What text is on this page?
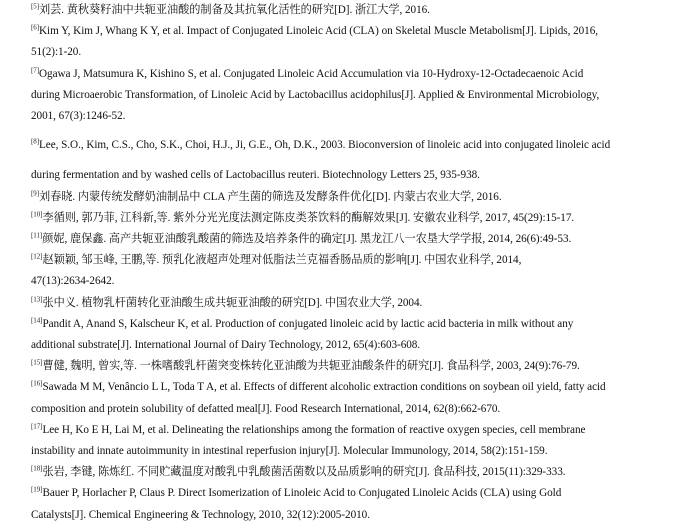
[5]刘芸. 黄秋葵籽油中共轭亚油酸的制备及其抗氧化活性的研究[D]. 浙江大学, 2016.

[6]Kim Y, Kim J, Whang K Y, et al. Impact of Conjugated Linoleic Acid (CLA) on Skeletal Muscle Metabolism[J]. Lipids, 2016,
51(2):1-20.

[7]Ogawa J, Matsumura K, Kishino S, et al. Conjugated Linoleic Acid Accumulation via 10-Hydroxy-12-Octadecaenoic Acid
during Microaerobic Transformation, of Linoleic Acid by Lactobacillus acidophilus[J]. Applied & Environmental Microbiology,
2001, 67(3):1246-52.

[8]Lee, S.O., Kim, C.S., Cho, S.K., Choi, H.J., Ji, G.E., Oh, D.K., 2003. Bioconversion of linoleic acid into conjugated linoleic acid
during fermentation and by washed cells of Lactobacillus reuteri. Biotechnology Letters 25, 935-938.

[9]刘春晓. 内蒙传统发酵奶油制品中 CLA 产生菌的筛选及发酵条件优化[D]. 内蒙古农业大学, 2016.

[10]李循则, 郭乃菲, 江科新,等. 紫外分光光度法测定陈皮类茶饮料的酶解效果[J]. 安徽农业科学, 2017, 45(29):15-17.

[11]颜妮, 鹿保鑫. 高产共轭亚油酸乳酸菌的筛选及培养条件的确定[J]. 黑龙江八一农垦大学学报, 2014, 26(6):49-53.

[12]赵颖颖, 邹玉峰, 王鹏,等. 预乳化液超声处理对低脂法兰克福香肠品质的影响[J]. 中国农业科学, 2014,
47(13):2634-2642.

[13]张中义. 植物乳杆菌转化亚油酸生成共轭亚油酸的研究[D]. 中国农业大学, 2004.

[14]Pandit A, Anand S, Kalscheur K, et al. Production of conjugated linoleic acid by lactic acid bacteria in milk without any
additional substrate[J]. International Journal of Dairy Technology, 2012, 65(4):603-608.

[15]曹健, 魏明, 曾实,等. 一株嗜酸乳杆菌突变株转化亚油酸为共轭亚油酸条件的研究[J]. 食品科学, 2003, 24(9):76-79.

[16]Sawada M M, Venâncio L L, Toda T A, et al. Effects of different alcoholic extraction conditions on soybean oil yield, fatty acid
composition and protein solubility of defatted meal[J]. Food Research International, 2014, 62(8):662-670.

[17]Lee H, Ko E H, Lai M, et al. Delineating the relationships among the formation of reactive oxygen species, cell membrane
instability and innate autoimmunity in intestinal reperfusion injury[J]. Molecular Immunology, 2014, 58(2):151-159.

[18]张岩, 李键, 陈炼红. 不同贮藏温度对酸乳中乳酸菌活菌数以及品质影响的研究[J]. 食品科技, 2015(11):329-333.

[19]Bauer P, Horlacher P, Claus P. Direct Isomerization of Linoleic Acid to Conjugated Linoleic Acids (CLA) using Gold
Catalysts[J]. Chemical Engineering & Technology, 2010, 32(12):2005-2010.
